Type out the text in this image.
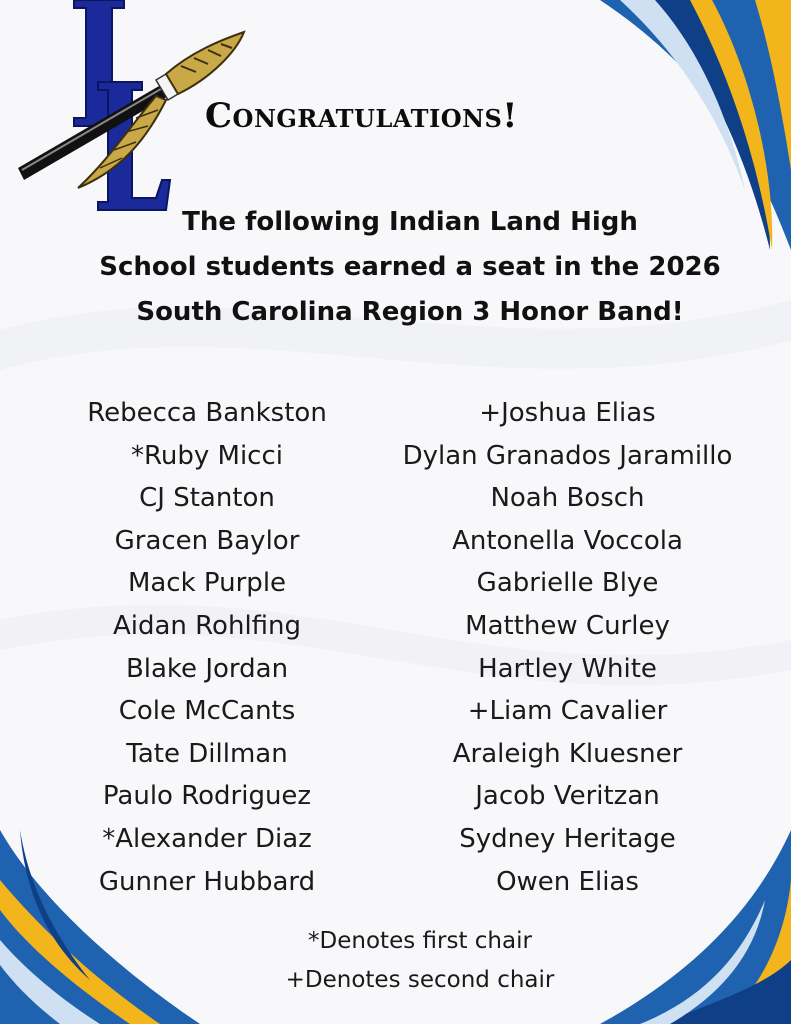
Congratulations!
The following Indian Land High
School students earned a seat in the 2026
South Carolina Region 3 Honor Band!
Rebecca Bankston
*Ruby Micci
CJ Stanton
Gracen Baylor
Mack Purple
Aidan Rohlfing
Blake Jordan
Cole McCants
Tate Dillman
Paulo Rodriguez
*Alexander Diaz
Gunner Hubbard
+Joshua Elias
Dylan Granados Jaramillo
Noah Bosch
Antonella Voccola
Gabrielle Blye
Matthew Curley
Hartley White
+Liam Cavalier
Araleigh Kluesner
Jacob Veritzan
Sydney Heritage
Owen Elias
*Denotes first chair
+Denotes second chair
